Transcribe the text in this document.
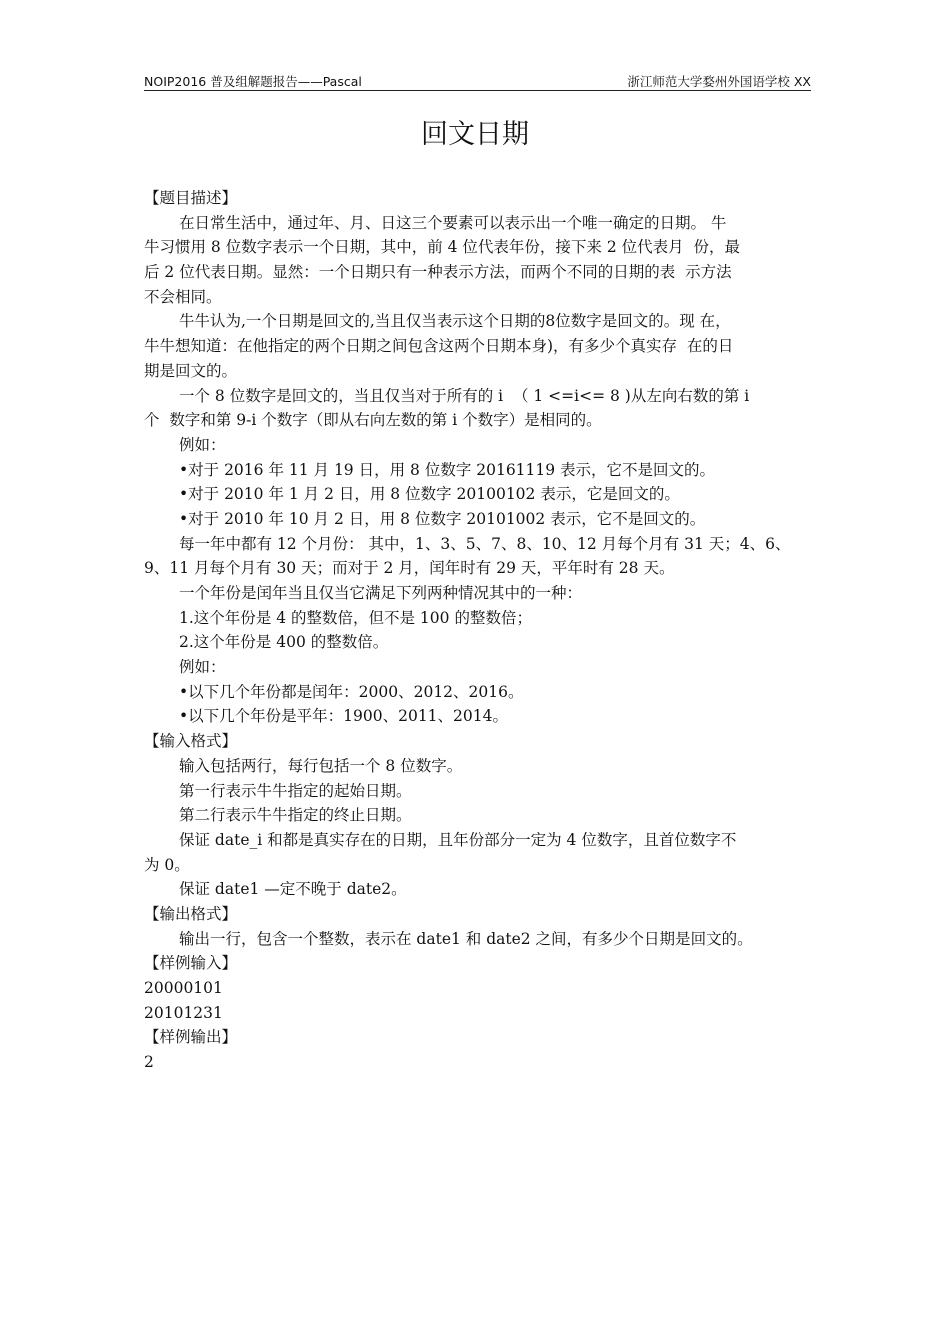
NOIP2016 普及组解题报告——Pascal	浙江师范大学婺州外国语学校 XX
回文日期
【题目描述】
在日常生活中，通过年、月、日这三个要素可以表示出一个唯一确定的日期。 牛
牛习惯用 8 位数字表示一个日期，其中，前 4 位代表年份，接下来 2 位代表月  份，最
后 2 位代表日期。显然：一个日期只有一种表示方法，而两个不同的日期的表  示方法
不会相同。
牛牛认为,一个日期是回文的,当且仅当表示这个日期的8位数字是回文的。现 在，
牛牛想知道：在他指定的两个日期之间包含这两个日期本身)，有多少个真实存  在的日
期是回文的。
一个 8 位数字是回文的，当且仅当对于所有的 i  （ 1 <=i<= 8 )从左向右数的第 i
个  数字和第 9-i 个数字（即从右向左数的第 i 个数字）是相同的。
例如：
•对于 2016 年 11 月 19 日，用 8 位数字 20161119 表示，它不是回文的。
•对于 2010 年 1 月 2 日，用 8 位数字 20100102 表示，它是回文的。
•对于 2010 年 10 月 2 日，用 8 位数字 20101002 表示，它不是回文的。
每一年中都有 12 个月份： 其中，1、3、5、7、8、10、12 月每个月有 31 天；4、6、
9、11 月每个月有 30 天；而对于 2 月，闰年时有 29 天，平年时有 28 天。
一个年份是闰年当且仅当它满足下列两种情况其中的一种：
1.这个年份是 4 的整数倍，但不是 100 的整数倍；
2.这个年份是 400 的整数倍。
例如：
•以下几个年份都是闰年：2000、2012、2016。
•以下几个年份是平年：1900、2011、2014。
【输入格式】
输入包括两行，每行包括一个 8 位数字。
第一行表示牛牛指定的起始日期。
第二行表示牛牛指定的终止日期。
保证 date_i 和都是真实存在的日期，且年份部分一定为 4 位数字，且首位数字不
为 0。
保证 date1 —定不晚于 date2。
【输出格式】
输出一行，包含一个整数，表示在 date1 和 date2 之间，有多少个日期是回文的。
【样例输入】
20000101
20101231
【样例输出】
2
